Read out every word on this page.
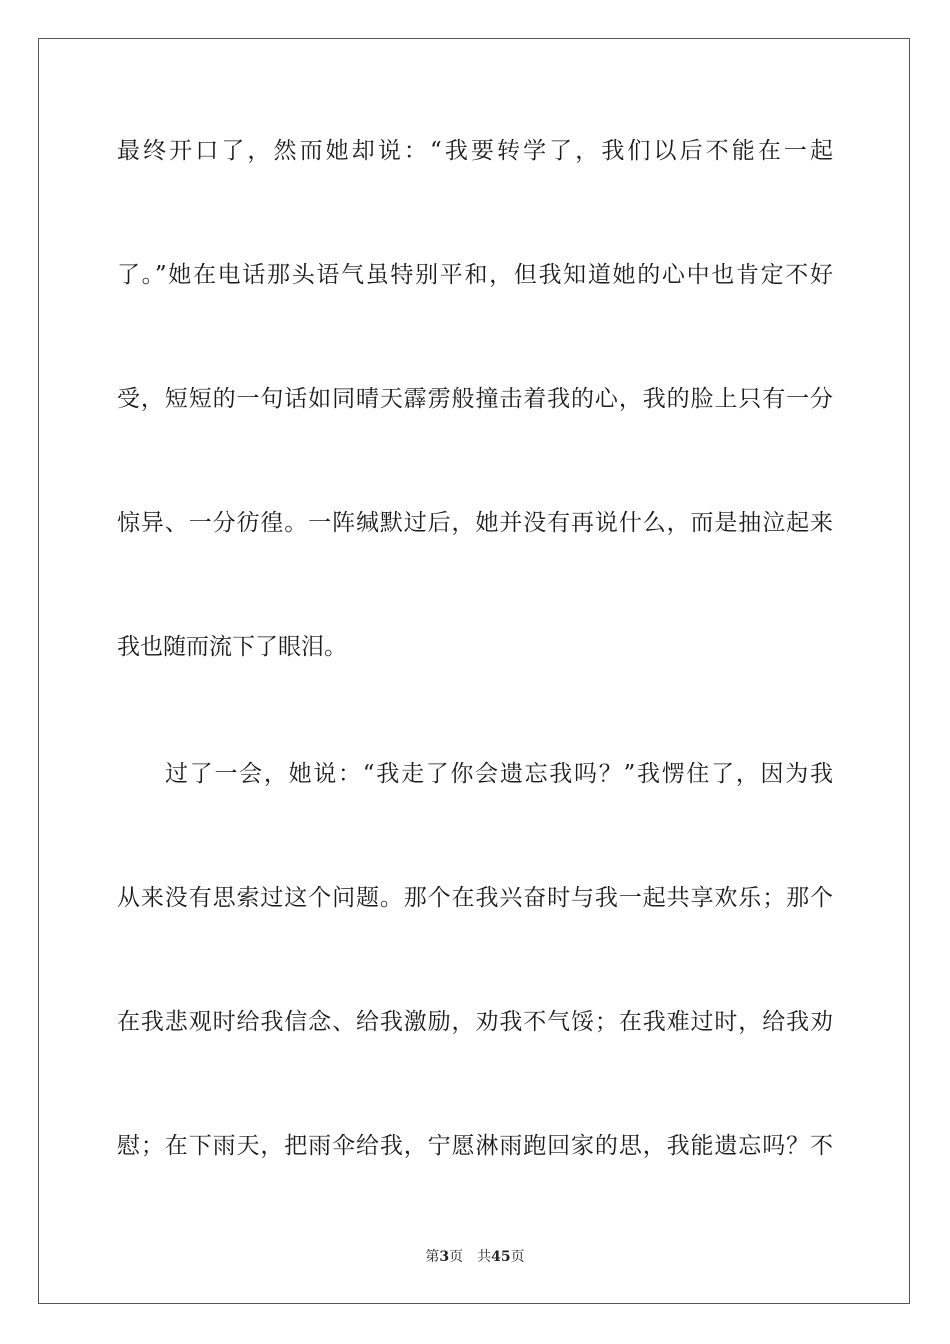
最终开口了，然而她却说：“我要转学了，我们以后不能在一起
了。”她在电话那头语气虽特别平和，但我知道她的心中也肯定不好
受，短短的一句话如同晴天霹雳般撞击着我的心，我的脸上只有一分
惊异、一分彷徨。一阵缄默过后，她并没有再说什么，而是抽泣起来
我也随而流下了眼泪。
过了一会，她说：“我走了你会遗忘我吗？”我愣住了，因为我
从来没有思索过这个问题。那个在我兴奋时与我一起共享欢乐；那个
在我悲观时给我信念、给我激励，劝我不气馁；在我难过时，给我劝
慰；在下雨天，把雨伞给我，宁愿淋雨跑回家的思，我能遗忘吗？不
第3页 共45页
